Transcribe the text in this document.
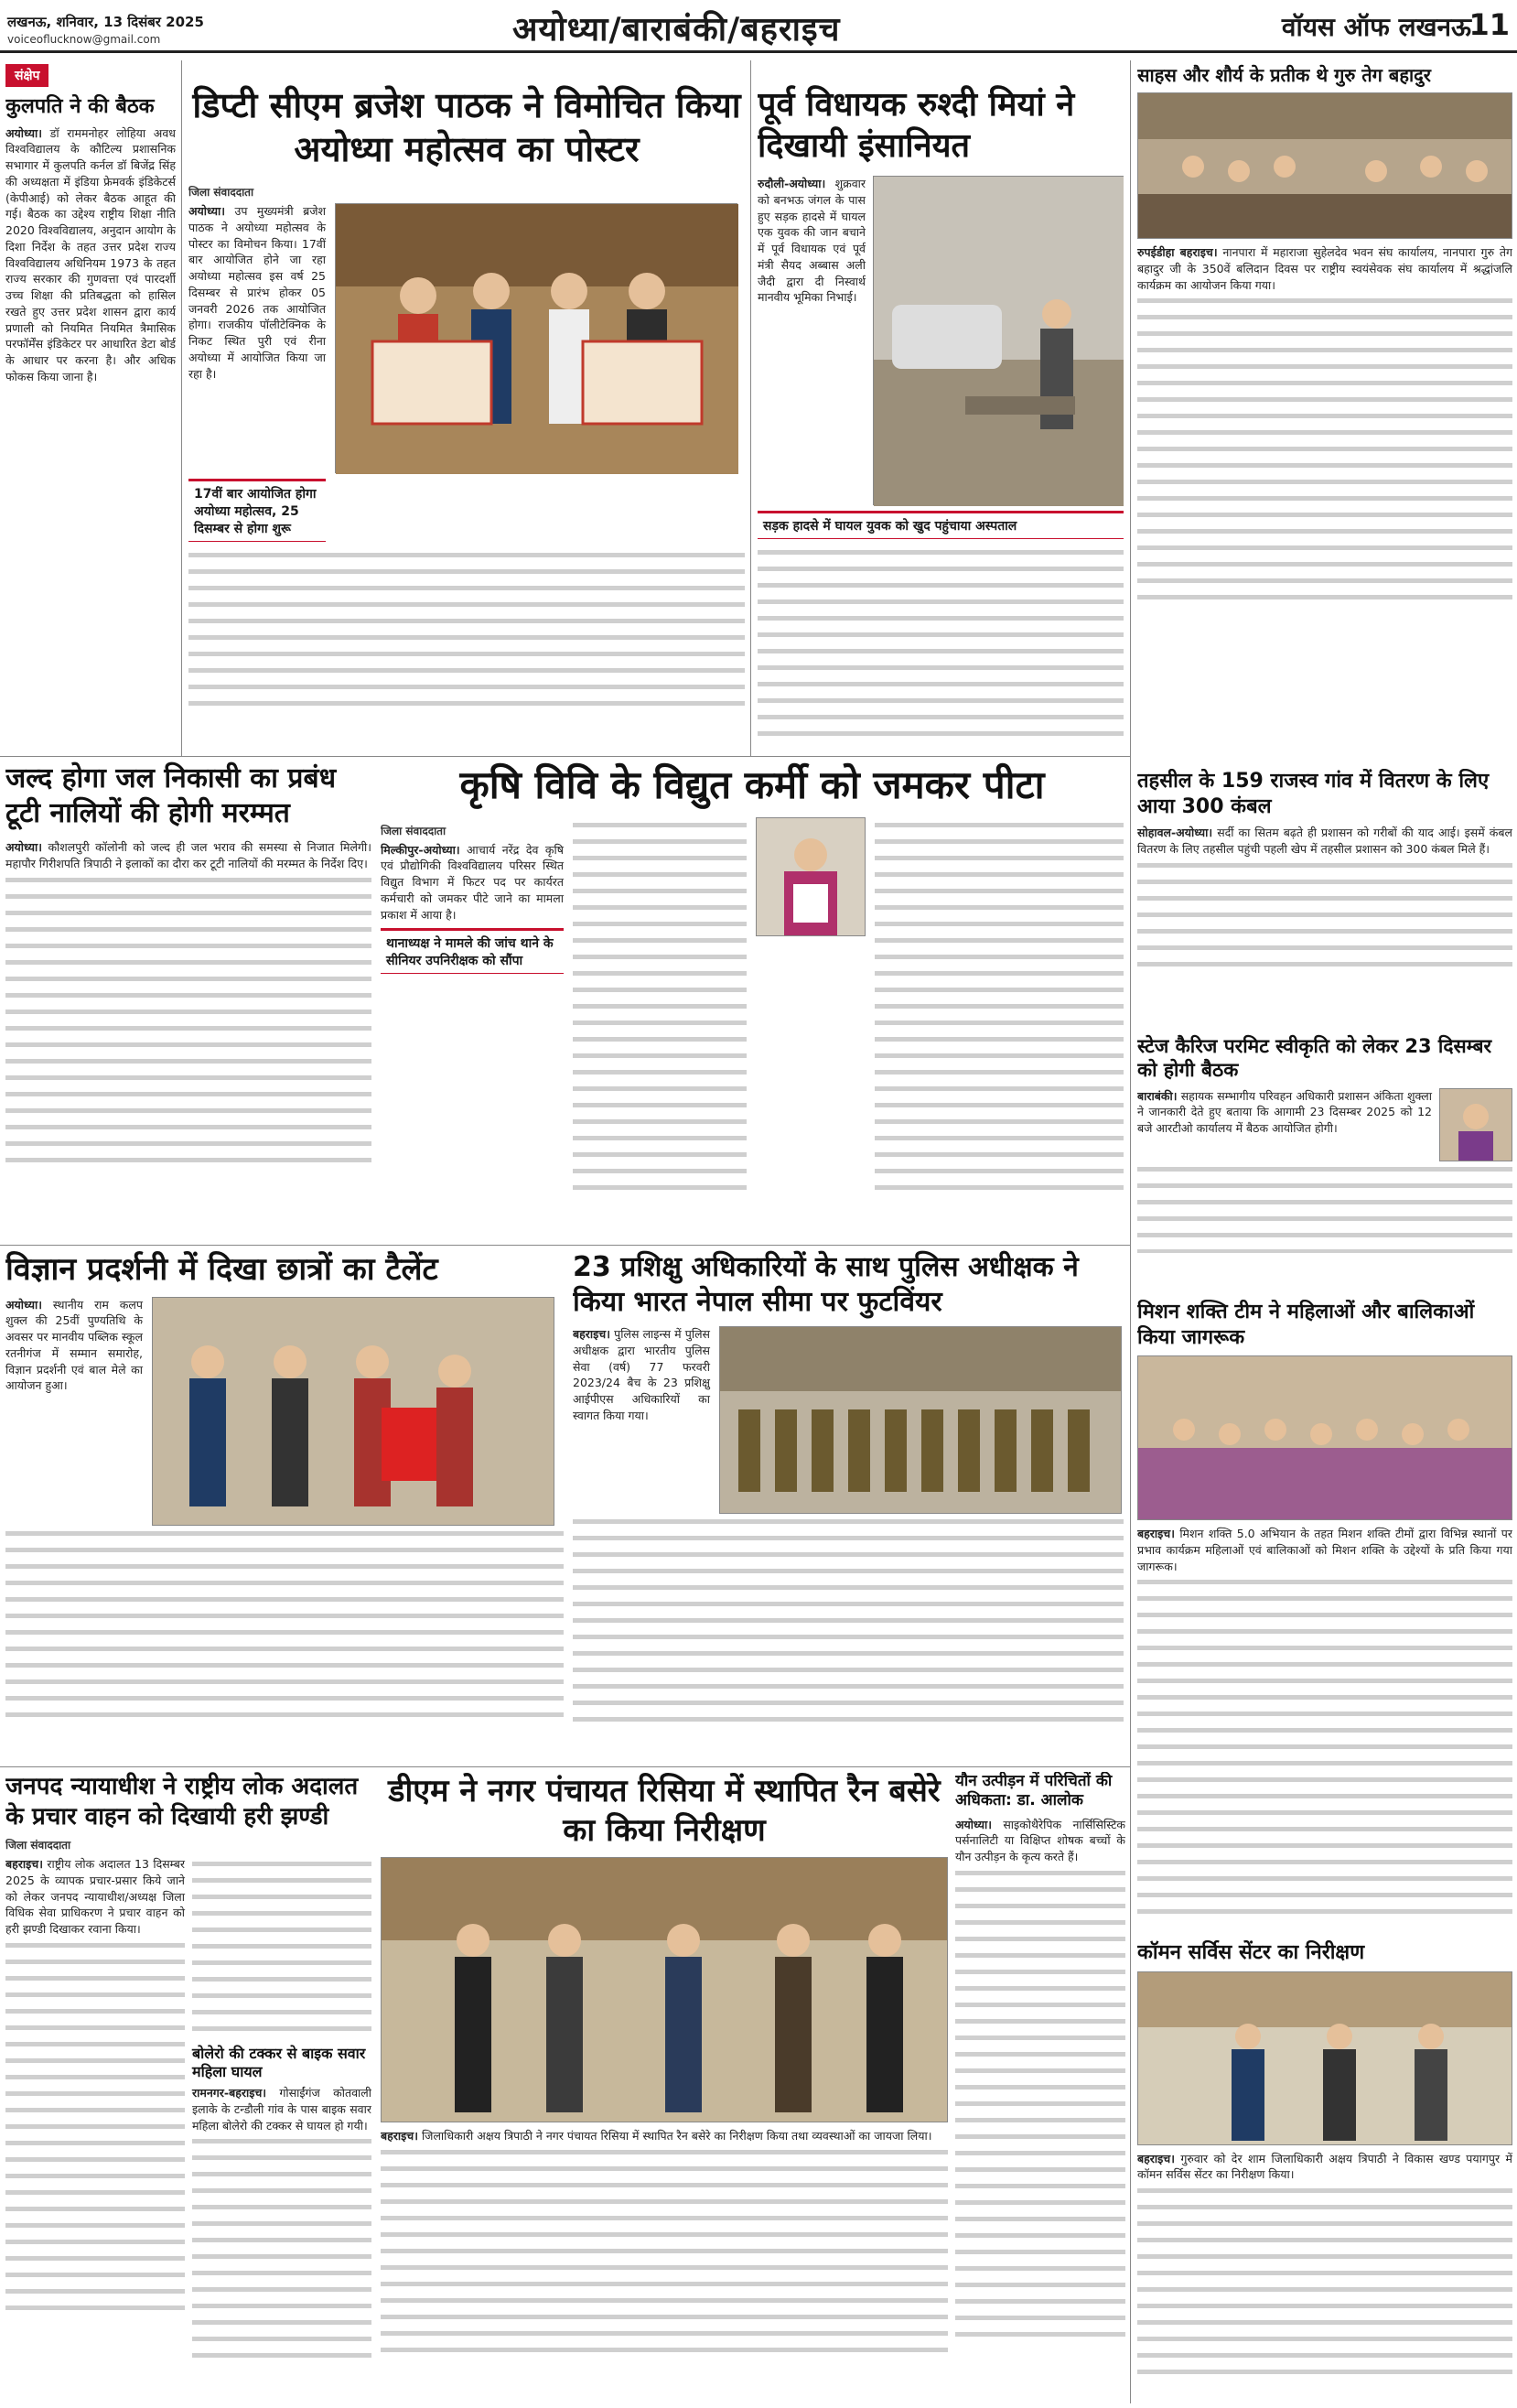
लखनऊ, शनिवार, 13 दिसंबर 2025
voiceoflucknow@gmail.com	अयोध्या/बाराबंकी/बहराइच	वॉयस ऑफ लखनऊ
11
संक्षेप
कुलपति ने की बैठक
अयोध्या। डॉ राममनोहर लोहिया अवध विश्वविद्यालय के कौटिल्य प्रशासनिक सभागार में कुलपति कर्नल डॉ बिजेंद्र सिंह की अध्यक्षता में इंडिया फ्रेमवर्क इंडिकेटर्स (केपीआई) को लेकर बैठक आहूत की गई। बैठक का उद्देश्य राष्ट्रीय शिक्षा नीति 2020 विश्वविद्यालय, अनुदान आयोग के दिशा निर्देश के तहत उत्तर प्रदेश राज्य विश्वविद्यालय अधिनियम 1973 के तहत राज्य सरकार की गुणवत्ता एवं पारदर्शी उच्च शिक्षा की प्रतिबद्धता को हासिल रखते हुए उत्तर प्रदेश शासन द्वारा कार्य प्रणाली को नियमित नियमित त्रैमासिक परफॉर्मेंस इंडिकेटर पर आधारित डेटा बोर्ड के आधार पर करना है। और अधिक फोकस किया जाना है।
डिप्टी सीएम ब्रजेश पाठक ने विमोचित किया अयोध्या महोत्सव का पोस्टर
जिला संवाददाता
अयोध्या। उप मुख्यमंत्री ब्रजेश पाठक ने अयोध्या महोत्सव के पोस्टर का विमोचन किया। 17वीं बार आयोजित होने जा रहा अयोध्या महोत्सव इस वर्ष 25 दिसम्बर से प्रारंभ होकर 05 जनवरी 2026 तक आयोजित होगा। राजकीय पॉलीटेक्निक के निकट स्थित पुरी एवं रीना अयोध्या में आयोजित किया जा रहा है।
17वीं बार आयोजित होगा अयोध्या महोत्सव, 25 दिसम्बर से होगा शुरू
पूर्व विधायक रुश्दी मियां ने दिखायी इंसानियत
रुदौली-अयोध्या। शुक्रवार को बनभऊ जंगल के पास हुए सड़क हादसे में घायल एक युवक की जान बचाने में पूर्व विधायक एवं पूर्व मंत्री सैयद अब्बास अली जैदी द्वारा दी निस्वार्थ मानवीय भूमिका निभाई।
सड़क हादसे में घायल युवक को खुद पहुंचाया अस्पताल
साहस और शौर्य के प्रतीक थे गुरु तेग बहादुर
रुपईडीहा बहराइच। नानपारा में महाराजा सुहेलदेव भवन संघ कार्यालय, नानपारा गुरु तेग बहादुर जी के 350वें बलिदान दिवस पर राष्ट्रीय स्वयंसेवक संघ कार्यालय में श्रद्धांजलि कार्यक्रम का आयोजन किया गया।
तहसील के 159 राजस्व गांव में वितरण के लिए आया 300 कंबल
सोहावल-अयोध्या। सर्दी का सितम बढ़ते ही प्रशासन को गरीबों की याद आई। इसमें कंबल वितरण के लिए तहसील पहुंची पहली खेप में तहसील प्रशासन को 300 कंबल मिले हैं।
स्टेज कैरिज परमिट स्वीकृति को लेकर 23 दिसम्बर को होगी बैठक
बाराबंकी। सहायक सम्भागीय परिवहन अधिकारी प्रशासन अंकिता शुक्ला ने जानकारी देते हुए बताया कि आगामी 23 दिसम्बर 2025 को 12 बजे आरटीओ कार्यालय में बैठक आयोजित होगी।
मिशन शक्ति टीम ने महिलाओं और बालिकाओं किया जागरूक
बहराइच। मिशन शक्ति 5.0 अभियान के तहत मिशन शक्ति टीमों द्वारा विभिन्न स्थानों पर प्रभाव कार्यक्रम महिलाओं एवं बालिकाओं को मिशन शक्ति के उद्देश्यों के प्रति किया गया जागरूक।
कॉमन सर्विस सेंटर का निरीक्षण
बहराइच। गुरुवार को देर शाम जिलाधिकारी अक्षय त्रिपाठी ने विकास खण्ड पयागपुर में कॉमन सर्विस सेंटर का निरीक्षण किया।
जल्द होगा जल निकासी का प्रबंध टूटी नालियों की होगी मरम्मत
अयोध्या। कौशलपुरी कॉलोनी को जल्द ही जल भराव की समस्या से निजात मिलेगी। महापौर गिरीशपति त्रिपाठी ने इलाकों का दौरा कर टूटी नालियों की मरम्मत के निर्देश दिए।
कृषि विवि के विद्युत कर्मी को जमकर पीटा
जिला संवाददाता
मिल्कीपुर-अयोध्या। आचार्य नरेंद्र देव कृषि एवं प्रौद्योगिकी विश्वविद्यालय परिसर स्थित विद्युत विभाग में फिटर पद पर कार्यरत कर्मचारी को जमकर पीटे जाने का मामला प्रकाश में आया है।
थानाध्यक्ष ने मामले की जांच थाने के सीनियर उपनिरीक्षक को सौंपा
विज्ञान प्रदर्शनी में दिखा छात्रों का टैलेंट
अयोध्या। स्थानीय राम कलप शुक्ल की 25वीं पुण्यतिथि के अवसर पर मानवीय पब्लिक स्कूल रतनीगंज में सम्मान समारोह, विज्ञान प्रदर्शनी एवं बाल मेले का आयोजन हुआ।
23 प्रशिक्षु अधिकारियों के साथ पुलिस अधीक्षक ने किया भारत नेपाल सीमा पर फुटविंयर
बहराइच। पुलिस लाइन्स में पुलिस अधीक्षक द्वारा भारतीय पुलिस सेवा (वर्ष) 77 फरवरी 2023/24 बैच के 23 प्रशिक्षु आईपीएस अधिकारियों का स्वागत किया गया।
जनपद न्यायाधीश ने राष्ट्रीय लोक अदालत के प्रचार वाहन को दिखायी हरी झण्डी
जिला संवाददाता
बहराइच। राष्ट्रीय लोक अदालत 13 दिसम्बर 2025 के व्यापक प्रचार-प्रसार किये जाने को लेकर जनपद न्यायाधीश/अध्यक्ष जिला विधिक सेवा प्राधिकरण ने प्रचार वाहन को हरी झण्डी दिखाकर रवाना किया।
बोलेरो की टक्कर से बाइक सवार महिला घायल
रामनगर-बहराइच। गोसाईंगंज कोतवाली इलाके के टन्डौली गांव के पास बाइक सवार महिला बोलेरो की टक्कर से घायल हो गयी।
डीएम ने नगर पंचायत रिसिया में स्थापित रैन बसेरे का किया निरीक्षण
बहराइच। जिलाधिकारी अक्षय त्रिपाठी ने नगर पंचायत रिसिया में स्थापित रैन बसेरे का निरीक्षण किया तथा व्यवस्थाओं का जायजा लिया।
यौन उत्पीड़न में परिचितों की अधिकता: डा. आलोक
अयोध्या। साइकोथैरेपिक नार्सिसिस्टिक पर्सनालिटी या विक्षिप्त शोषक बच्चों के यौन उत्पीड़न के कृत्य करते हैं।
